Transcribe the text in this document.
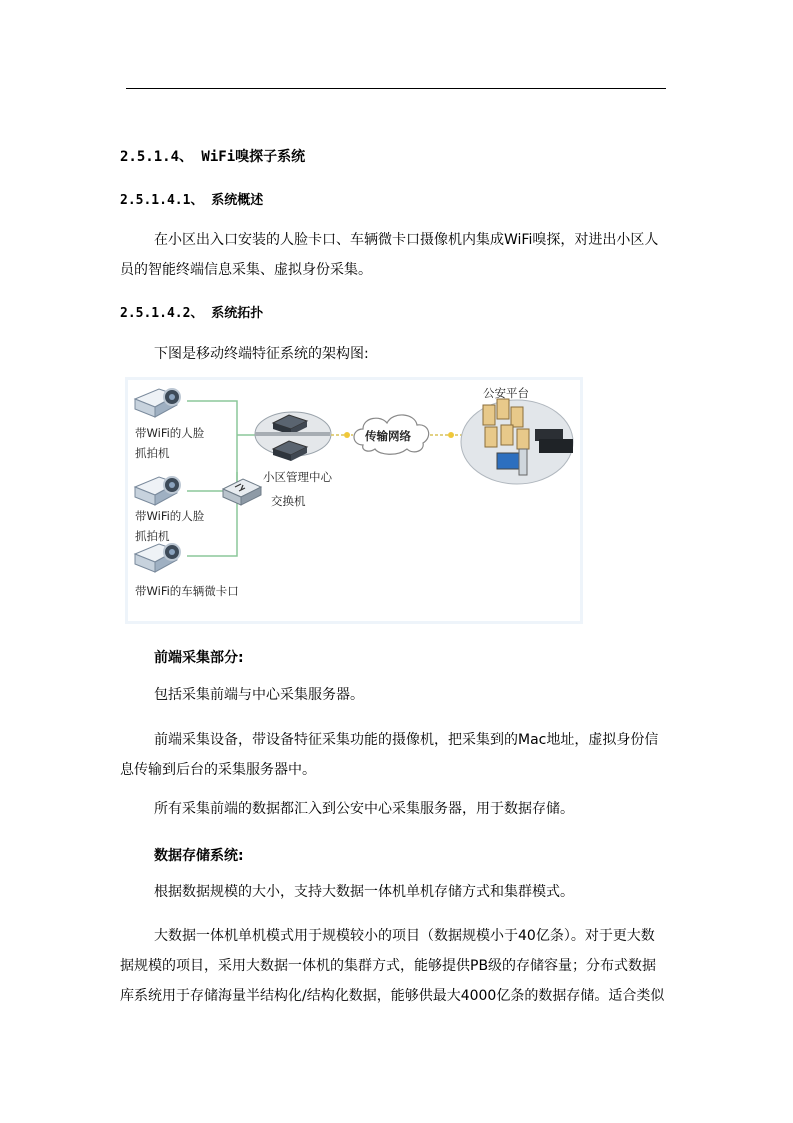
2.5.1.4、 WiFi嗅探子系统
2.5.1.4.1、 系统概述

在小区出入口安装的人脸卡口、车辆微卡口摄像机内集成WiFi嗅探，对进出小区人员的智能终端信息采集、虚拟身份采集。

2.5.1.4.2、 系统拓扑

下图是移动终端特征系统的架构图:

带WiFi的人脸
抓拍机
带WiFi的人脸
抓拍机
带WiFi的车辆微卡口
交换机
小区管理中心
传输网络
公安平台
前端采集部分:

包括采集前端与中心采集服务器。

前端采集设备，带设备特征采集功能的摄像机，把采集到的Mac地址，虚拟身份信息传输到后台的采集服务器中。

所有采集前端的数据都汇入到公安中心采集服务器，用于数据存储。

数据存储系统:

根据数据规模的大小，支持大数据一体机单机存储方式和集群模式。

大数据一体机单机模式用于规模较小的项目（数据规模小于40亿条）。对于更大数据规模的项目，采用大数据一体机的集群方式，能够提供PB级的存储容量；分布式数据库系统用于存储海量半结构化/结构化数据，能够供最大4000亿条的数据存储。适合类似
